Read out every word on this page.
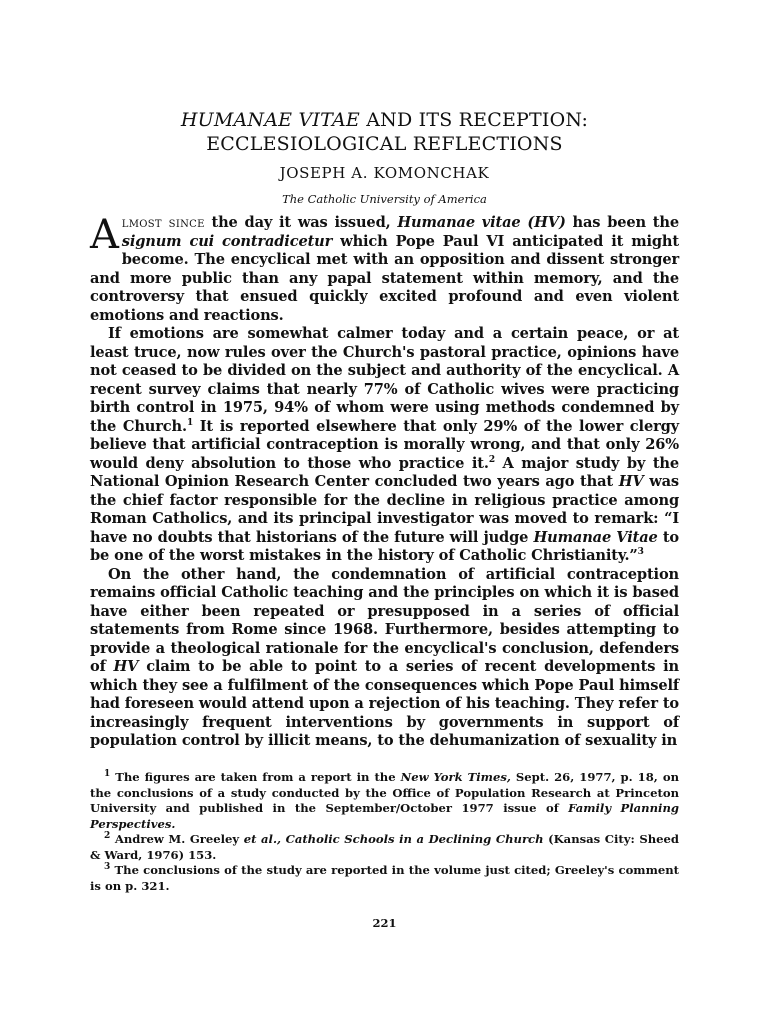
HUMANAE VITAE AND ITS RECEPTION:
ECCLESIOLOGICAL REFLECTIONS
JOSEPH A. KOMONCHAK
The Catholic University of America

Almost since the day it was issued, Humanae vitae (HV) has been the signum cui contradicetur which Pope Paul VI anticipated it might become. The encyclical met with an opposition and dissent stronger and more public than any papal statement within memory, and the controversy that ensued quickly excited profound and even violent emotions and reactions.

If emotions are somewhat calmer today and a certain peace, or at least truce, now rules over the Church's pastoral practice, opinions have not ceased to be divided on the subject and authority of the encyclical. A recent survey claims that nearly 77% of Catholic wives were practicing birth control in 1975, 94% of whom were using methods condemned by the Church.$^1$ It is reported elsewhere that only 29% of the lower clergy believe that artificial contraception is morally wrong, and that only 26% would deny absolution to those who practice it.$^2$ A major study by the National Opinion Research Center concluded two years ago that HV was the chief factor responsible for the decline in religious practice among Roman Catholics, and its principal investigator was moved to remark: “I have no doubts that historians of the future will judge Humanae Vitae to be one of the worst mistakes in the history of Catholic Christianity.”$^3$

On the other hand, the condemnation of artificial contraception remains official Catholic teaching and the principles on which it is based have either been repeated or presupposed in a series of official statements from Rome since 1968. Furthermore, besides attempting to provide a theological rationale for the encyclical's conclusion, defenders of HV claim to be able to point to a series of recent developments in which they see a fulfilment of the consequences which Pope Paul himself had foreseen would attend upon a rejection of his teaching. They refer to increasingly frequent interventions by governments in support of population control by illicit means, to the dehumanization of sexuality in

$^1$ The figures are taken from a report in the New York Times, Sept. 26, 1977, p. 18, on the conclusions of a study conducted by the Office of Population Research at Princeton University and published in the September/October 1977 issue of Family Planning Perspectives.

$^2$ Andrew M. Greeley et al., Catholic Schools in a Declining Church (Kansas City: Sheed & Ward, 1976) 153.

$^3$ The conclusions of the study are reported in the volume just cited; Greeley's comment is on p. 321.

221
